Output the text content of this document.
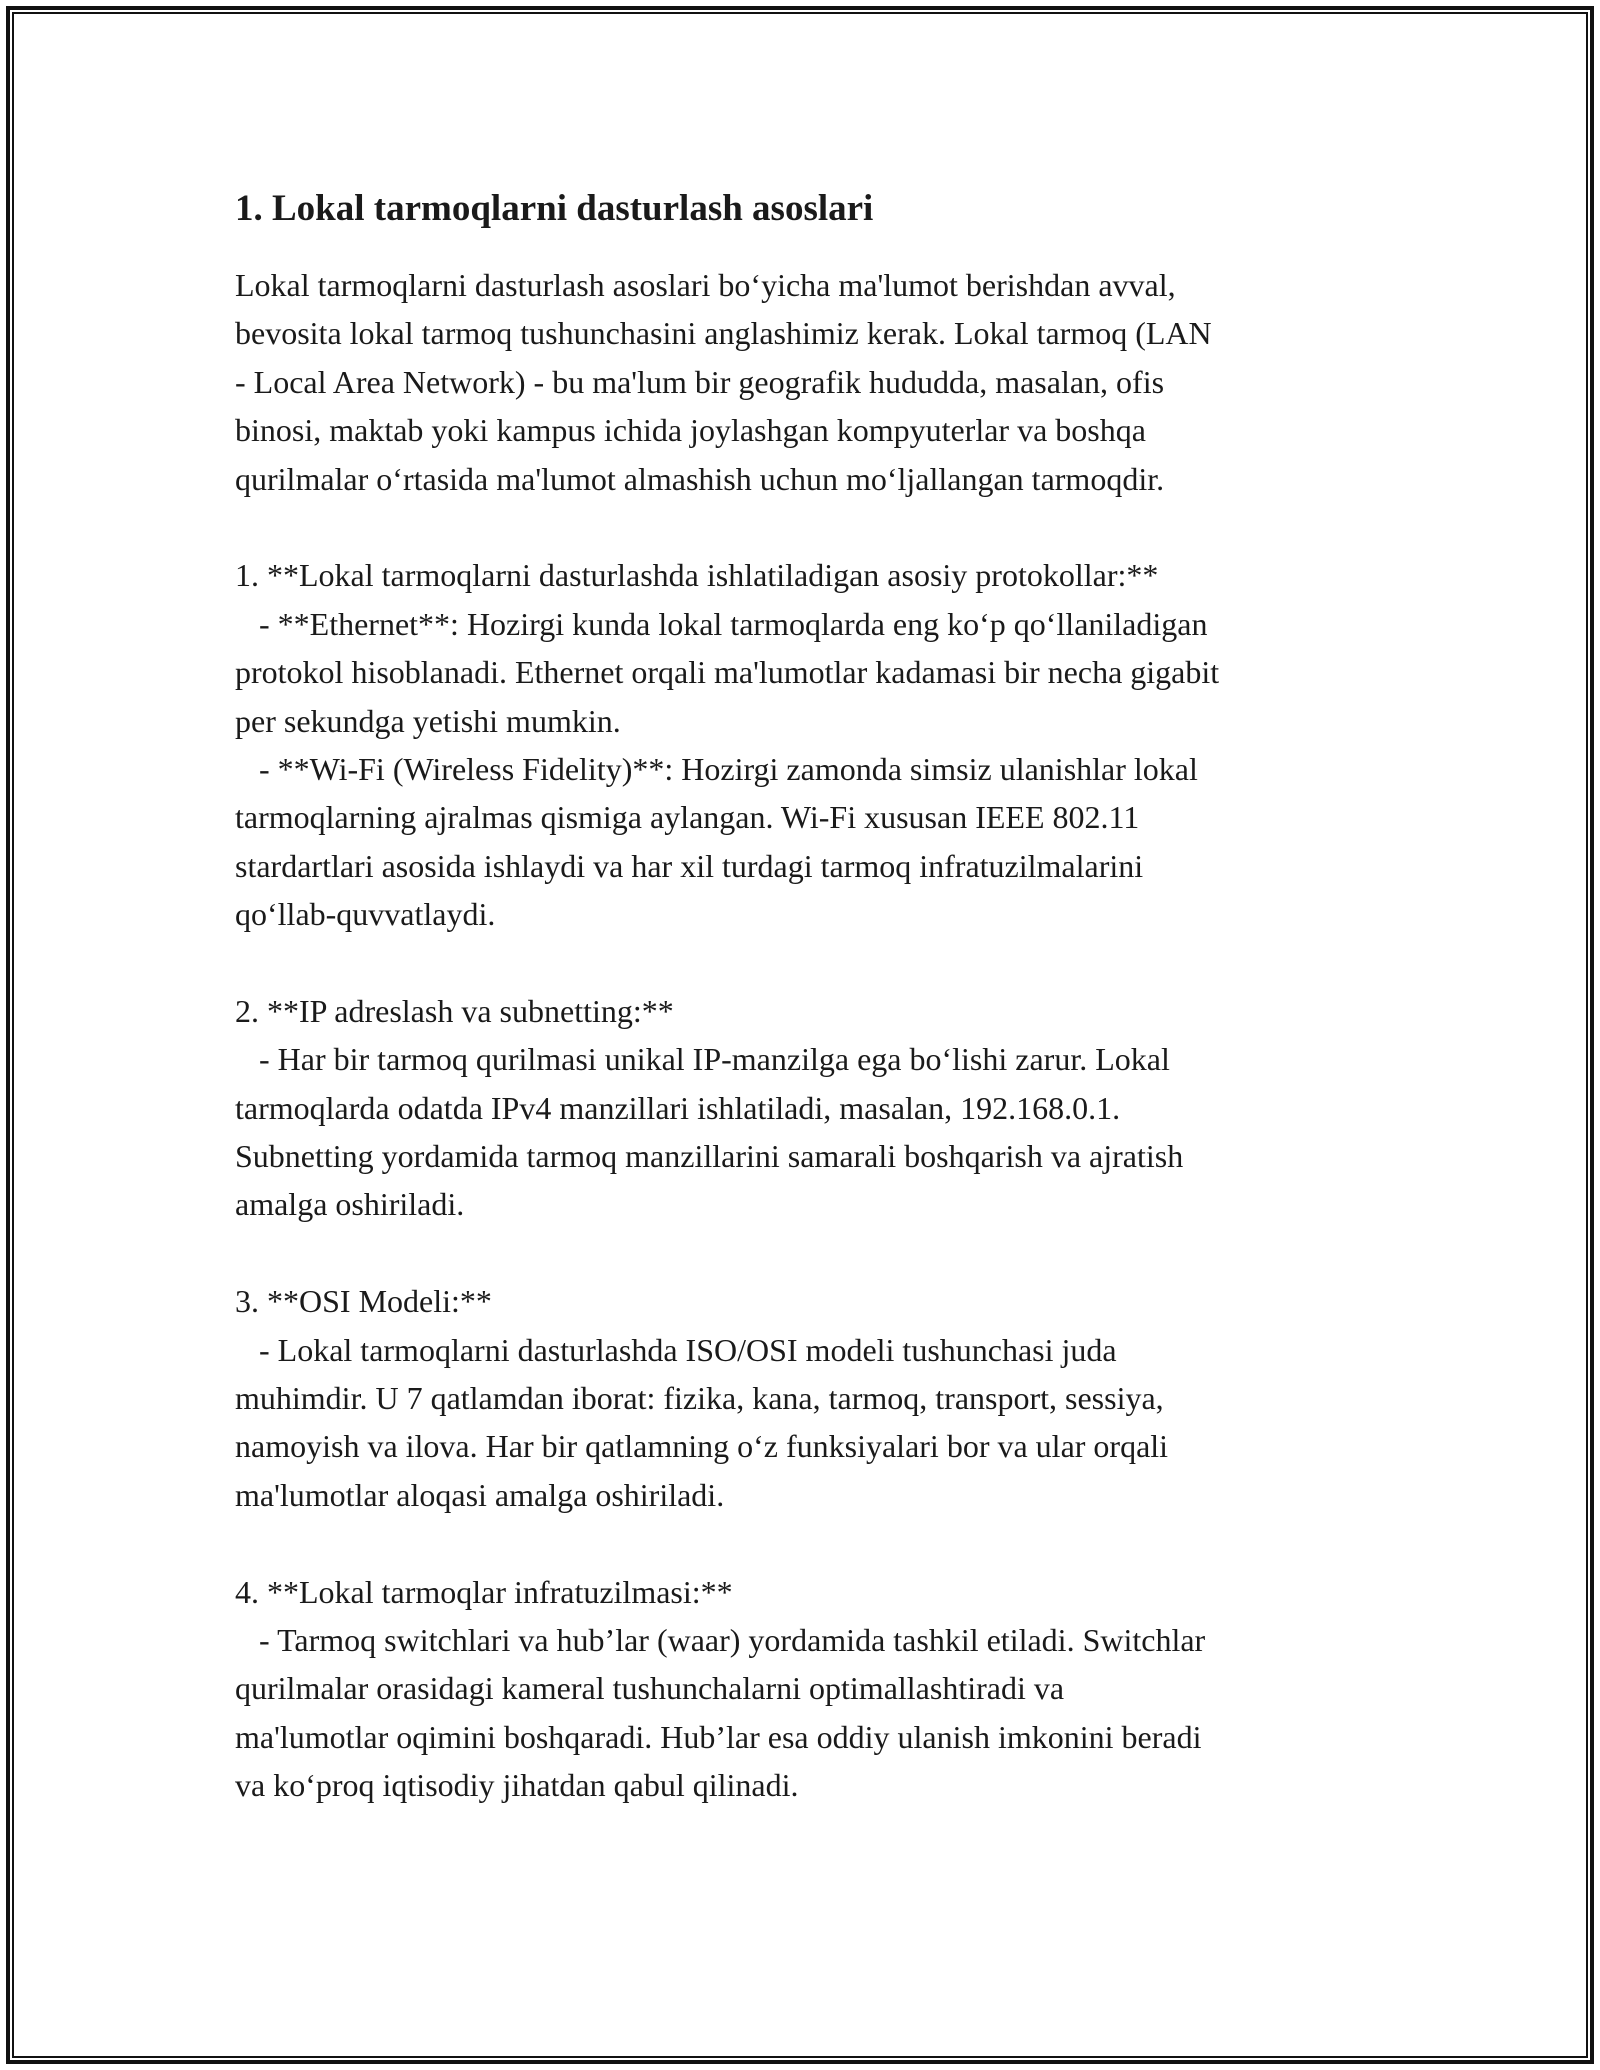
1. Lokal tarmoqlarni dasturlash asoslari
Lokal tarmoqlarni dasturlash asoslari bo‘yicha ma'lumot berishdan avval,
bevosita lokal tarmoq tushunchasini anglashimiz kerak. Lokal tarmoq (LAN
- Local Area Network) - bu ma'lum bir geografik hududda, masalan, ofis
binosi, maktab yoki kampus ichida joylashgan kompyuterlar va boshqa
qurilmalar o‘rtasida ma'lumot almashish uchun mo‘ljallangan tarmoqdir.
1. **Lokal tarmoqlarni dasturlashda ishlatiladigan asosiy protokollar:**
- **Ethernet**: Hozirgi kunda lokal tarmoqlarda eng ko‘p qo‘llaniladigan
protokol hisoblanadi. Ethernet orqali ma'lumotlar kadamasi bir necha gigabit
per sekundga yetishi mumkin.
- **Wi-Fi (Wireless Fidelity)**: Hozirgi zamonda simsiz ulanishlar lokal
tarmoqlarning ajralmas qismiga aylangan. Wi-Fi xususan IEEE 802.11
stardartlari asosida ishlaydi va har xil turdagi tarmoq infratuzilmalarini
qo‘llab-quvvatlaydi.
2. **IP adreslash va subnetting:**
- Har bir tarmoq qurilmasi unikal IP-manzilga ega bo‘lishi zarur. Lokal
tarmoqlarda odatda IPv4 manzillari ishlatiladi, masalan, 192.168.0.1.
Subnetting yordamida tarmoq manzillarini samarali boshqarish va ajratish
amalga oshiriladi.
3. **OSI Modeli:**
- Lokal tarmoqlarni dasturlashda ISO/OSI modeli tushunchasi juda
muhimdir. U 7 qatlamdan iborat: fizika, kana, tarmoq, transport, sessiya,
namoyish va ilova. Har bir qatlamning o‘z funksiyalari bor va ular orqali
ma'lumotlar aloqasi amalga oshiriladi.
4. **Lokal tarmoqlar infratuzilmasi:**
- Tarmoq switchlari va hub’lar (waar) yordamida tashkil etiladi. Switchlar
qurilmalar orasidagi kameral tushunchalarni optimallashtiradi va
ma'lumotlar oqimini boshqaradi. Hub’lar esa oddiy ulanish imkonini beradi
va ko‘proq iqtisodiy jihatdan qabul qilinadi.
